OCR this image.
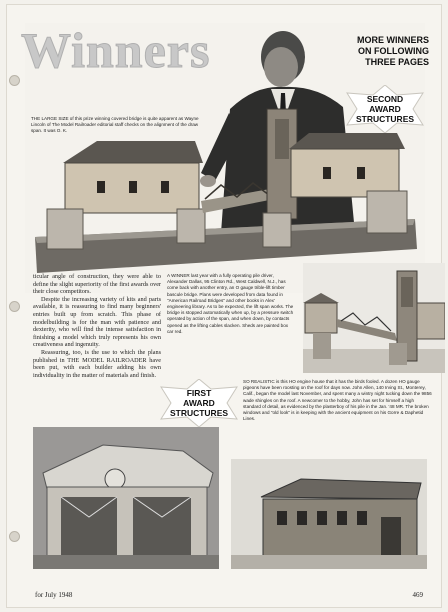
Winners	MORE WINNERS
ON FOLLOWING
THREE PAGES
SECOND
AWARD
STRUCTURES
THE LARGE SIZE of this prize winning covered bridge is quite apparent as Wayne Lincoln of The Model Railroader editorial staff checks on the alignment of the draw span. It was O. K.

ticular angle of construction, they were able to define the slight superiority of the first awards over their close competitors.

Despite the increasing variety of kits and parts available, it is reassuring to find many beginners' entries built up from scratch. This phase of modelbuilding is for the man with patience and dexterity, who will find the intense satisfaction in finishing a model which truly represents his own creativeness and ingenuity.

Reassuring, too, is the use to which the plans published in THE MODEL RAILROADER have been put, with each builder adding his own individuality in the matter of materials and finish.

A WINNER last year with a fully operating pile driver, Alexander Dallas, 95 Clinton Rd., West Caldwell, N.J., has come back with another entry, an O gauge trible-lift timber bascule bridge. Plans were developed from data found in "American Railroad Bridges" and other books in Alex' engineering library. As to be expected, the lift span works. The bridge is stopped automatically when up, by a pressure switch operated by action of the span, and when down, by contacts opened as the lifting cables slacken. Sheds are painted box car red.
FIRST
AWARD
STRUCTURES
SO REALISTIC is this HO engine house that it has the birds fooled. A dozen HO gauge pigeons have been roosting on the roof for days now. John Allen, 140 Irving St., Monterey, Calif., began the model last November, and spent many a wintry night tucking down the 9856 wade shingles on the roof. A newcomer to the hobby, John has set for himself a high standard of detail, as evidenced by the plasterboy of his pile in the Jan. '48 MR. The broken windows and "old look" is in keeping with the ancient equipment on his Gorre & Daphetid Lines.
for July 1948	469
